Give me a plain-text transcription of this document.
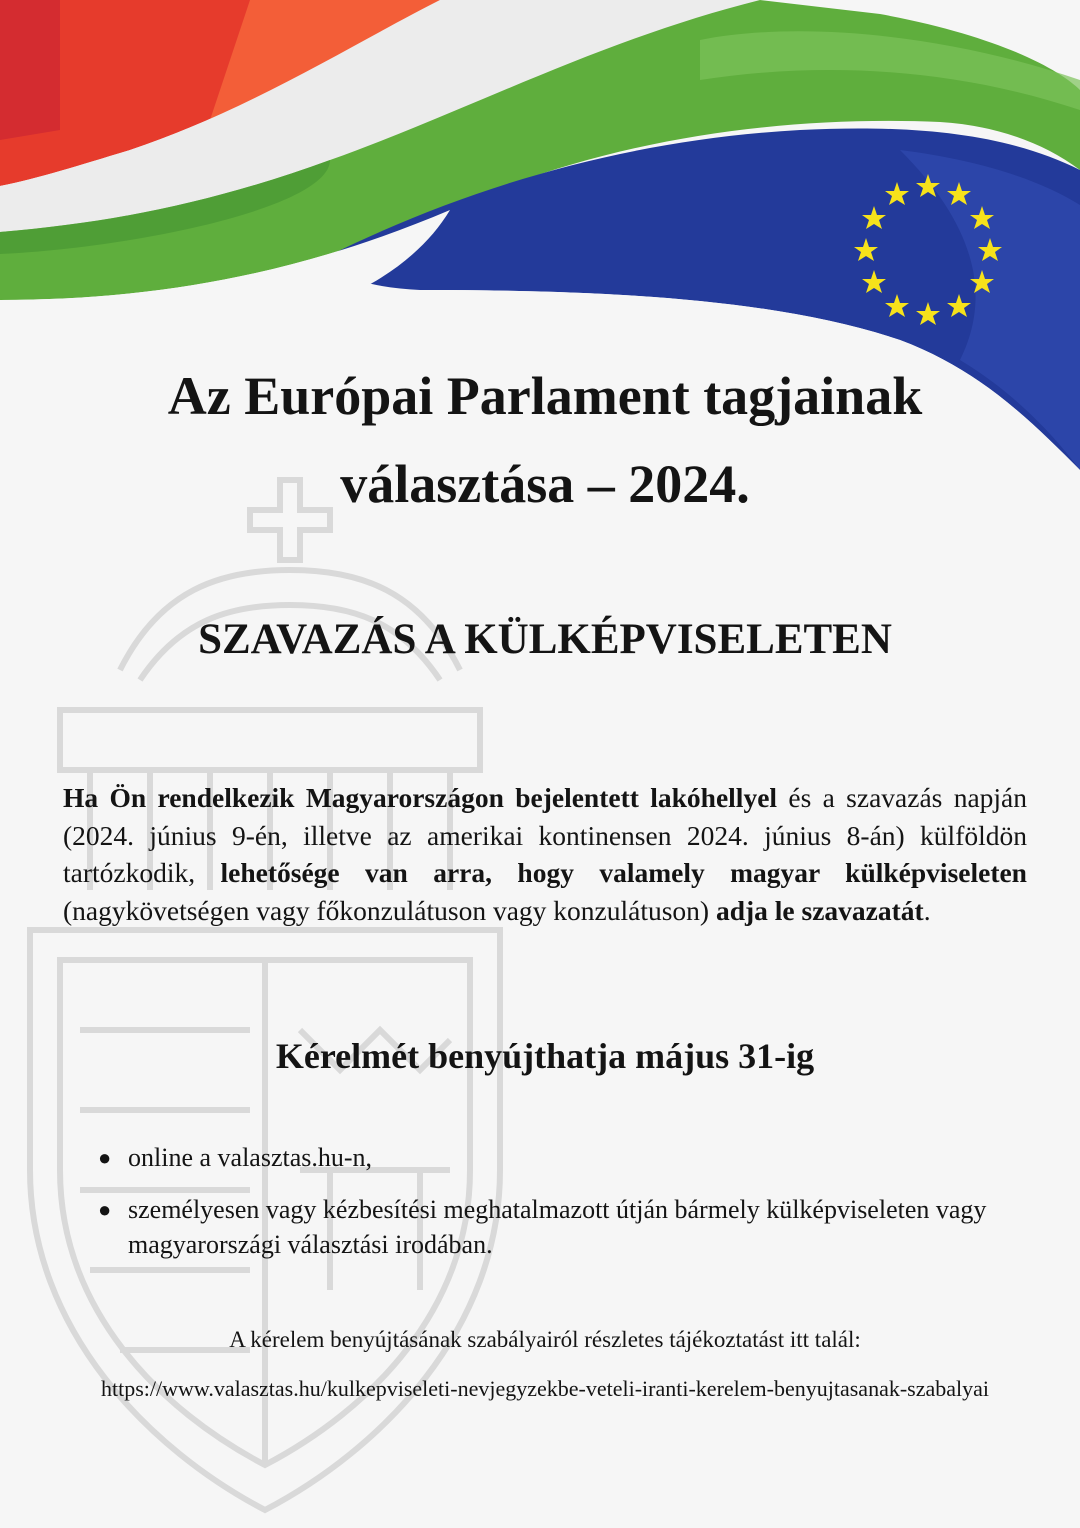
Az Európai Parlament tagjainak
választása – 2024.
SZAVAZÁS A KÜLKÉPVISELETEN

Ha Ön rendelkezik Magyarországon bejelentett lakóhellyel és a szavazás napján (2024. június 9-én, illetve az amerikai kontinensen 2024. június 8-án) külföldön tartózkodik, lehetősége van arra, hogy valamely magyar külképviseleten (nagykövetségen vagy főkonzulátuson vagy konzulátuson) adja le szavazatát.

Kérelmét benyújthatja május 31-ig
● online a valasztas.hu-n,
● személyesen vagy kézbesítési meghatalmazott útján bármely külképviseleten vagy magyarországi választási irodában.

A kérelem benyújtásának szabályairól részletes tájékoztatást itt talál:

https://www.valasztas.hu/kulkepviseleti-nevjegyzekbe-veteli-iranti-kerelem-benyujtasanak-szabalyai
